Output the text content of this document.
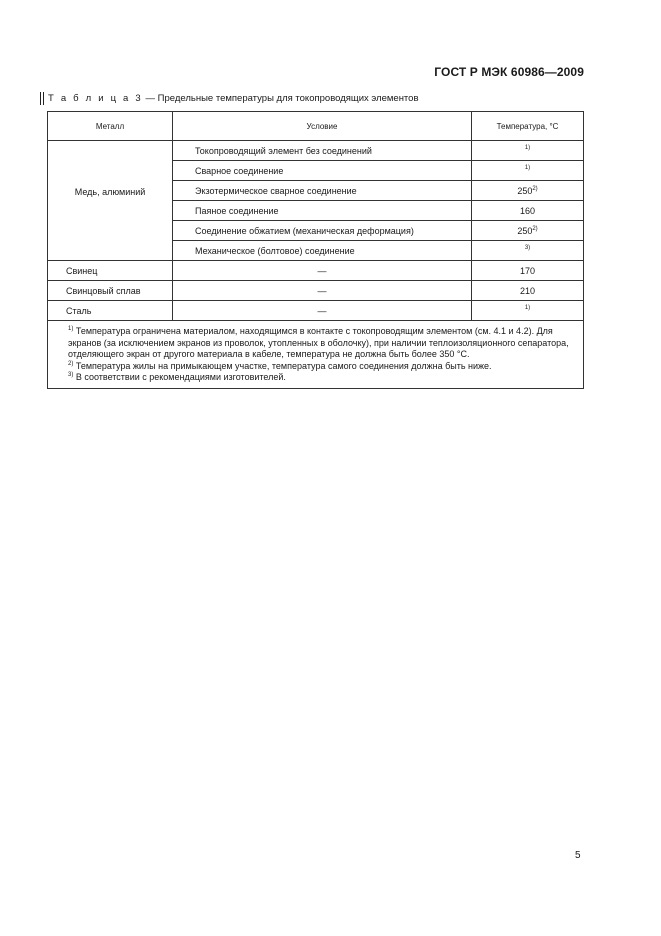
ГОСТ Р МЭК 60986—2009
Т а б л и ц а 3 — Предельные температуры для токопроводящих элементов
Металл	Условие	Температура, °С

Медь, алюминий	Токопроводящий элемент без соединений	$^{1)}$
	Сварное соединение	$^{1)}$
	Экзотермическое сварное соединение	250$^{2)}$
	Паяное соединение	160
	Соединение обжатием (механическая деформация)	250$^{2)}$
	Механическое (болтовое) соединение	$^{3)}$
Свинец	—	170
Свинцовый сплав	—	210
Сталь	—	$^{1)}$

$^{1)}$ Температура ограничена материалом, находящимся в контакте с токопроводящим элементом (см. 4.1 и 4.2). Для экранов (за исключением экранов из проволок, утопленных в оболочку), при наличии теплоизоляционного сепаратора, отделяющего экран от другого материала в кабеле, температура не должна быть более 350 °С.

$^{2)}$ Температура жилы на примыкающем участке, температура самого соединения должна быть ниже.

$^{3)}$ В соответствии с рекомендациями изготовителей.		

5
